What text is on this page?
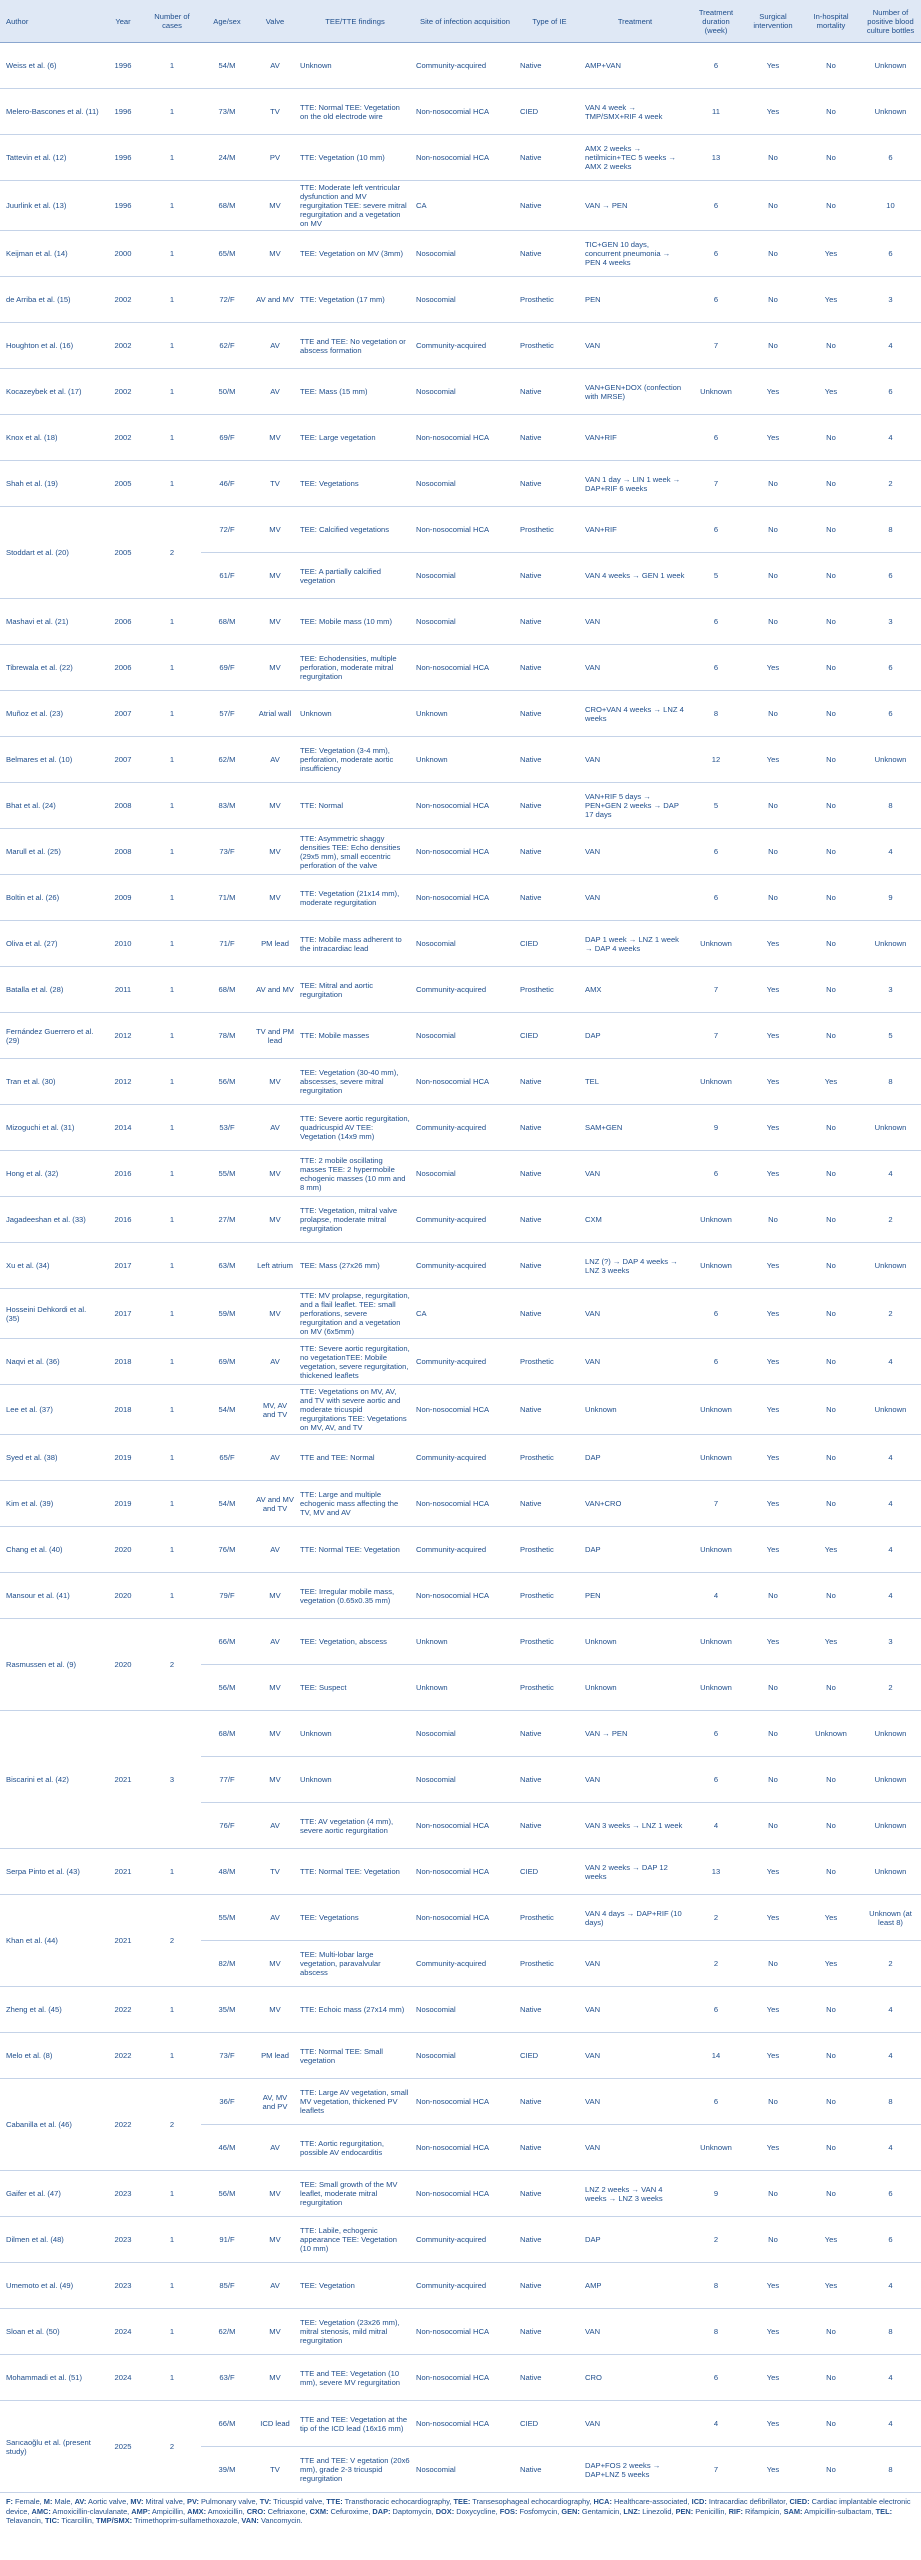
Author	Year	Number of cases	Age/sex	Valve	TEE/TTE findings	Site of infection acquisition	Type of IE	Treatment	Treatment duration (week)	Surgical intervention	In-hospital mortality	Number of positive blood culture bottles
Weiss et al. (6)	1996	1	54/M	AV	Unknown	Community-acquired	Native	AMP+VAN	6	Yes	No	Unknown
Melero-Bascones et al. (11)	1996	1	73/M	TV	TTE: Normal TEE: Vegetation on the old electrode wire	Non-nosocomial HCA	CIED	VAN 4 week → TMP/SMX+RIF 4 week	11	Yes	No	Unknown
Tattevin et al. (12)	1996	1	24/M	PV	TTE: Vegetation (10 mm)	Non-nosocomial HCA	Native	AMX 2 weeks → netilmicin+TEC 5 weeks → AMX 2 weeks	13	No	No	6
Juurlink et al. (13)	1996	1	68/M	MV	TTE: Moderate left ventricular dysfunction and MV regurgitation TEE: severe mitral regurgitation and a vegetation on MV	CA	Native	VAN → PEN	6	No	No	10
Keijman et al. (14)	2000	1	65/M	MV	TEE: Vegetation on MV (3mm)	Nosocomial	Native	TIC+GEN 10 days, concurrent pneumonia → PEN 4 weeks	6	No	Yes	6
de Arriba et al. (15)	2002	1	72/F	AV and MV	TTE: Vegetation (17 mm)	Nosocomial	Prosthetic	PEN	6	No	Yes	3
Houghton et al. (16)	2002	1	62/F	AV	TTE and TEE: No vegetation or abscess formation	Community-acquired	Prosthetic	VAN	7	No	No	4
Kocazeybek et al. (17)	2002	1	50/M	AV	TEE: Mass (15 mm)	Nosocomial	Native	VAN+GEN+DOX (confection with MRSE)	Unknown	Yes	Yes	6
Knox et al. (18)	2002	1	69/F	MV	TEE: Large vegetation	Non-nosocomial HCA	Native	VAN+RIF	6	Yes	No	4
Shah et al. (19)	2005	1	46/F	TV	TEE: Vegetations	Nosocomial	Native	VAN 1 day → LIN 1 week → DAP+RIF 6 weeks	7	No	No	2
Stoddart et al. (20)	2005	2	72/F	MV	TEE: Calcified vegetations	Non-nosocomial HCA	Prosthetic	VAN+RIF	6	No	No	8
			61/F	MV	TEE: A partially calcified vegetation	Nosocomial	Native	VAN 4 weeks → GEN 1 week	5	No	No	6
Mashavi et al. (21)	2006	1	68/M	MV	TEE: Mobile mass (10 mm)	Nosocomial	Native	VAN	6	No	No	3
Tibrewala et al. (22)	2006	1	69/F	MV	TEE: Echodensities, multiple perforation, moderate mitral regurgitation	Non-nosocomial HCA	Native	VAN	6	Yes	No	6
Muñoz et al. (23)	2007	1	57/F	Atrial wall	Unknown	Unknown	Native	CRO+VAN 4 weeks → LNZ 4 weeks	8	No	No	6
Belmares et al. (10)	2007	1	62/M	AV	TEE: Vegetation (3-4 mm), perforation, moderate aortic insufficiency	Unknown	Native	VAN	12	Yes	No	Unknown
Bhat et al. (24)	2008	1	83/M	MV	TTE: Normal	Non-nosocomial HCA	Native	VAN+RIF 5 days → PEN+GEN 2 weeks → DAP 17 days	5	No	No	8
Marull et al. (25)	2008	1	73/F	MV	TTE: Asymmetric shaggy densities TEE: Echo densities (29x5 mm), small eccentric perforation of the valve	Non-nosocomial HCA	Native	VAN	6	No	No	4
Boltin et al. (26)	2009	1	71/M	MV	TTE: Vegetation (21x14 mm), moderate regurgitation	Non-nosocomial HCA	Native	VAN	6	No	No	9
Oliva et al. (27)	2010	1	71/F	PM lead	TTE: Mobile mass adherent to the intracardiac lead	Nosocomial	CIED	DAP 1 week → LNZ 1 week → DAP 4 weeks	Unknown	Yes	No	Unknown
Batalla et al. (28)	2011	1	68/M	AV and MV	TEE: Mitral and aortic regurgitation	Community-acquired	Prosthetic	AMX	7	Yes	No	3
Fernández Guerrero et al. (29)	2012	1	78/M	TV and PM lead	TTE: Mobile masses	Nosocomial	CIED	DAP	7	Yes	No	5
Tran et al. (30)	2012	1	56/M	MV	TEE: Vegetation (30-40 mm), abscesses, severe mitral regurgitation	Non-nosocomial HCA	Native	TEL	Unknown	Yes	Yes	8
Mizoguchi et al. (31)	2014	1	53/F	AV	TTE: Severe aortic regurgitation, quadricuspid AV TEE: Vegetation (14x9 mm)	Community-acquired	Native	SAM+GEN	9	Yes	No	Unknown
Hong et al. (32)	2016	1	55/M	MV	TTE: 2 mobile oscillating masses TEE: 2 hypermobile echogenic masses (10 mm and 8 mm)	Nosocomial	Native	VAN	6	Yes	No	4
Jagadeeshan et al. (33)	2016	1	27/M	MV	TTE: Vegetation, mitral valve prolapse, moderate mitral regurgitation	Community-acquired	Native	CXM	Unknown	No	No	2
Xu et al. (34)	2017	1	63/M	Left atrium	TEE: Mass (27x26 mm)	Community-acquired	Native	LNZ (?) → DAP 4 weeks → LNZ 3 weeks	Unknown	Yes	No	Unknown
Hosseini Dehkordi et al. (35)	2017	1	59/M	MV	TTE: MV prolapse, regurgitation, and a flail leaflet. TEE: small perforations, severe regurgitation and a vegetation on MV (6x5mm)	CA	Native	VAN	6	Yes	No	2
Naqvi et al. (36)	2018	1	69/M	AV	TTE: Severe aortic regurgitation, no vegetationTEE: Mobile vegetation, severe regurgitation, thickened leaflets	Community-acquired	Prosthetic	VAN	6	Yes	No	4
Lee et al. (37)	2018	1	54/M	MV, AV and TV	TTE: Vegetations on MV, AV, and TV with severe aortic and moderate tricuspid regurgitations TEE: Vegetations on MV, AV, and TV	Non-nosocomial HCA	Native	Unknown	Unknown	Yes	No	Unknown
Syed et al. (38)	2019	1	65/F	AV	TTE and TEE: Normal	Community-acquired	Prosthetic	DAP	Unknown	Yes	No	4
Kim et al. (39)	2019	1	54/M	AV and MV and TV	TTE: Large and multiple echogenic mass affecting the TV, MV and AV	Non-nosocomial HCA	Native	VAN+CRO	7	Yes	No	4
Chang et al. (40)	2020	1	76/M	AV	TTE: Normal TEE: Vegetation	Community-acquired	Prosthetic	DAP	Unknown	Yes	Yes	4
Mansour et al. (41)	2020	1	79/F	MV	TEE: Irregular mobile mass, vegetation (0.65x0.35 mm)	Non-nosocomial HCA	Prosthetic	PEN	4	No	No	4
Rasmussen et al. (9)	2020	2	66/M	AV	TEE: Vegetation, abscess	Unknown	Prosthetic	Unknown	Unknown	Yes	Yes	3
			56/M	MV	TEE: Suspect	Unknown	Prosthetic	Unknown	Unknown	No	No	2
Biscarini et al. (42)	2021	3	68/M	MV	Unknown	Nosocomial	Native	VAN → PEN	6	No	Unknown	Unknown
			77/F	MV	Unknown	Nosocomial	Native	VAN	6	No	No	Unknown
			76/F	AV	TTE: AV vegetation (4 mm), severe aortic regurgitation	Non-nosocomial HCA	Native	VAN 3 weeks → LNZ 1 week	4	No	No	Unknown
Serpa Pinto et al. (43)	2021	1	48/M	TV	TTE: Normal TEE: Vegetation	Non-nosocomial HCA	CIED	VAN 2 weeks → DAP 12 weeks	13	Yes	No	Unknown
Khan et al. (44)	2021	2	55/M	AV	TEE: Vegetations	Non-nosocomial HCA	Prosthetic	VAN 4 days → DAP+RIF (10 days)	2	Yes	Yes	Unknown (at least 8)
			82/M	MV	TEE: Multi-lobar large vegetation, paravalvular abscess	Community-acquired	Prosthetic	VAN	2	No	Yes	2
Zheng et al. (45)	2022	1	35/M	MV	TTE: Echoic mass (27x14 mm)	Nosocomial	Native	VAN	6	Yes	No	4
Melo et al. (8)	2022	1	73/F	PM lead	TTE: Normal TEE: Small vegetation	Nosocomial	CIED	VAN	14	Yes	No	4
Cabanilla et al. (46)	2022	2	36/F	AV, MV and PV	TTE: Large AV vegetation, small MV vegetation, thickened PV leaflets	Non-nosocomial HCA	Native	VAN	6	No	No	8
			46/M	AV	TTE: Aortic regurgitation, possible AV endocarditis	Non-nosocomial HCA	Native	VAN	Unknown	Yes	No	4
Gaifer et al. (47)	2023	1	56/M	MV	TEE: Small growth of the MV leaflet, moderate mitral regurgitation	Non-nosocomial HCA	Native	LNZ 2 weeks → VAN 4 weeks → LNZ 3 weeks	9	No	No	6
Dilmen et al. (48)	2023	1	91/F	MV	TTE: Labile, echogenic appearance TEE: Vegetation (10 mm)	Community-acquired	Native	DAP	2	No	Yes	6
Umemoto et al. (49)	2023	1	85/F	AV	TEE: Vegetation	Community-acquired	Native	AMP	8	Yes	Yes	4
Sloan et al. (50)	2024	1	62/M	MV	TEE: Vegetation (23x26 mm), mitral stenosis, mild mitral regurgitation	Non-nosocomial HCA	Native	VAN	8	Yes	No	8
Mohammadi et al. (51)	2024	1	63/F	MV	TTE and TEE: Vegetation (10 mm), severe MV regurgitation	Non-nosocomial HCA	Native	CRO	6	Yes	No	4
Sarıcaoğlu et al. (present study)	2025	2	66/M	ICD lead	TTE and TEE: Vegetation at the tip of the ICD lead (16x16 mm)	Non-nosocomial HCA	CIED	VAN	4	Yes	No	4
			39/M	TV	TTE and TEE: V egetation (20x6 mm), grade 2-3 tricuspid regurgitation	Nosocomial	Native	DAP+FOS 2 weeks → DAP+LNZ 5 weeks	7	Yes	No	8
F: Female, M: Male, AV: Aortic valve, MV: Mitral valve, PV: Pulmonary valve, TV: Tricuspid valve, TTE: Transthoracic echocardiography, TEE: Transesophageal echocardiography, HCA: Healthcare-associated, ICD: Intracardiac defibrillator, CIED: Cardiac implantable electronic device, AMC: Amoxicillin-clavulanate, AMP: Ampicillin, AMX: Amoxicillin, CRO: Ceftriaxone, CXM: Cefuroxime, DAP: Daptomycin, DOX: Doxycycline, FOS: Fosfomycin, GEN: Gentamicin, LNZ: Linezolid, PEN: Penicillin, RIF: Rifampicin, SAM: Ampicillin-sulbactam, TEL: Telavancin, TIC: Ticarcillin, TMP/SMX: Trimethoprim-sulfamethoxazole, VAN: Vancomycin.
